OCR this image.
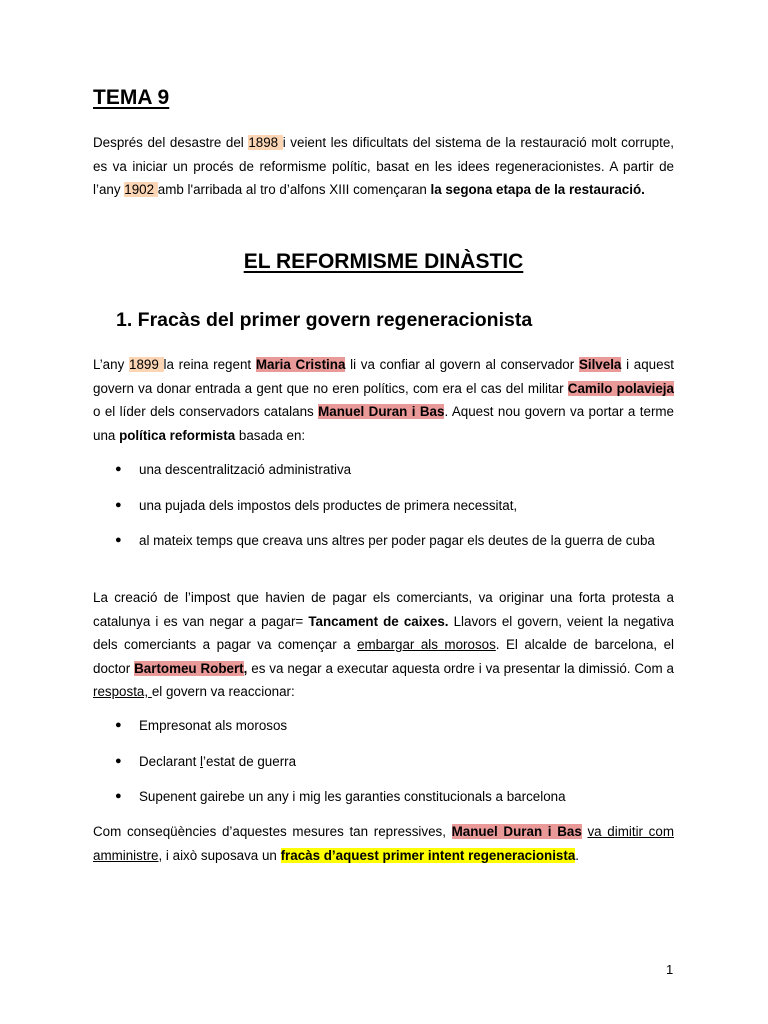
TEMA 9

Després del desastre del 1898 i veient les dificultats del sistema de la restauració molt corrupte, es va iniciar un procés de reformisme polític, basat en les idees regeneracionistes. A partir de l’any 1902 amb l'arribada al tro d’alfons XIII començaran la segona etapa de la restauració.

EL REFORMISME DINÀSTIC
1. Fracàs del primer govern regeneracionista

L’any 1899 la reina regent Maria Cristina li va confiar al govern al conservador Silvela i aquest govern va donar entrada a gent que no eren polítics, com era el cas del militar Camilo polavieja o el líder dels conservadors catalans Manuel Duran i Bas. Aquest nou govern va portar a terme una política reformista basada en:

● una descentralització administrativa
● una pujada dels impostos dels productes de primera necessitat,
● al mateix temps que creava uns altres per poder pagar els deutes de la guerra de cuba

La creació de l’impost que havien de pagar els comerciants, va originar una forta protesta a catalunya i es van negar a pagar= Tancament de caixes. Llavors el govern, veient la negativa dels comerciants a pagar va començar a embargar als morosos. El alcalde de barcelona, el doctor Bartomeu Robert, es va negar a executar aquesta ordre i va presentar la dimissió. Com a resposta, el govern va reaccionar:

● Empresonat als morosos
● Declarant l’estat de guerra
● Supenent gairebe un any i mig les garanties constitucionals a barcelona

Com conseqüències d’aquestes mesures tan repressives, Manuel Duran i Bas va dimitir com amministre, i això suposava un fracàs d’aquest primer intent regeneracionista.

1
